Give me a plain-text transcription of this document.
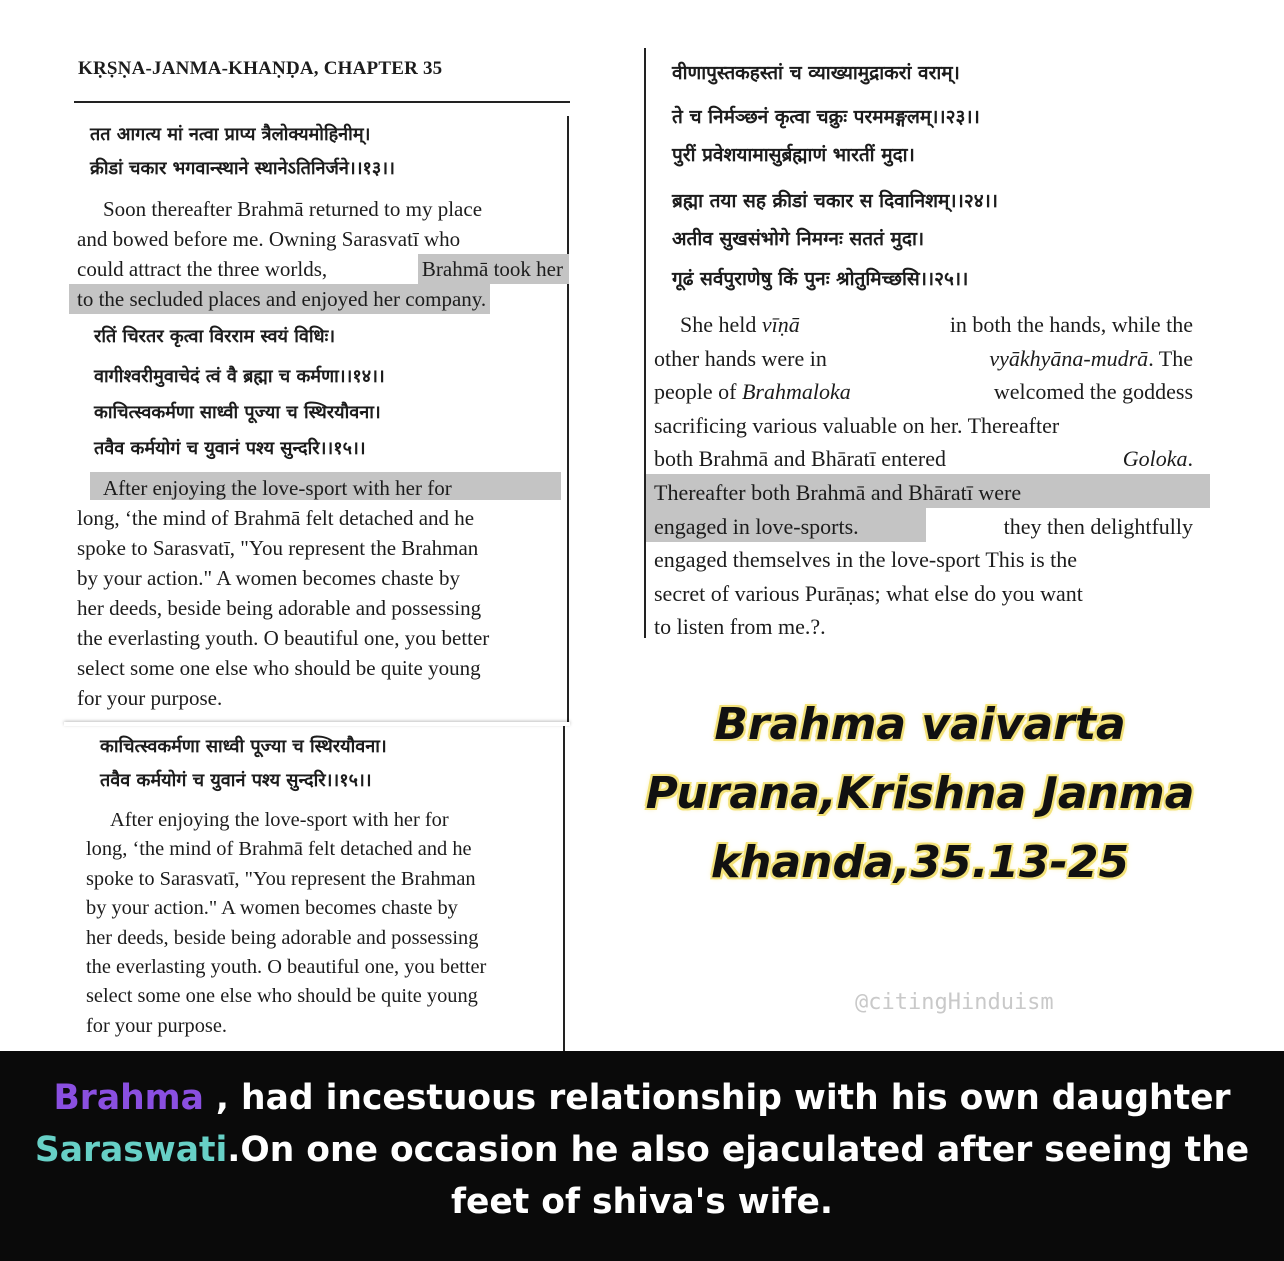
KṚṢṆA-JANMA-KHAṆḌA, CHAPTER 35
तत आगत्य मां नत्वा प्राप्य त्रैलोक्यमोहिनीम्।
क्रीडां चकार भगवान्स्थाने स्थानेऽतिनिर्जने।।१३।।
Soon thereafter Brahmā returned to my place
and bowed before me. Owning Sarasvatī who
could attract the three worlds,	Brahmā took her
to the secluded places and enjoyed her company.
रतिं चिरतर कृत्वा विरराम स्वयं विधिः।
वागीश्वरीमुवाचेदं त्वं वै ब्रह्मा च कर्मणा।।१४।।
काचित्स्वकर्मणा साध्वी पूज्या च स्थिरयौवना।
तवैव कर्मयोगं च युवानं पश्य सुन्दरि।।१५।।
After enjoying the love-sport with her for
long, ‘the mind of Brahmā felt detached and he
spoke to Sarasvatī, "You represent the Brahman
by your action." A women becomes chaste by
her deeds, beside being adorable and possessing
the everlasting youth. O beautiful one, you better
select some one else who should be quite young
for your purpose.
काचित्स्वकर्मणा साध्वी पूज्या च स्थिरयौवना।
तवैव कर्मयोगं च युवानं पश्य सुन्दरि।।१५।।
After enjoying the love-sport with her for
long, ‘the mind of Brahmā felt detached and he
spoke to Sarasvatī, "You represent the Brahman
by your action." A women becomes chaste by
her deeds, beside being adorable and possessing
the everlasting youth. O beautiful one, you better
select some one else who should be quite young
for your purpose.
वीणापुस्तकहस्तां च व्याख्यामुद्राकरां वराम्।
ते च निर्मञ्छनं कृत्वा चक्रुः परममङ्गलम्।।२३।।
पुरीं प्रवेशयामासुर्ब्रह्माणं भारतीं मुदा।
ब्रह्मा तया सह क्रीडां चकार स दिवानिशम्।।२४।।
अतीव सुखसंभोगे निमग्नः सततं मुदा।
गूढं सर्वपुराणेषु किं पुनः श्रोतुमिच्छसि।।२५।।
She held vīṇā	in both the hands, while the
other hands were in	vyākhyāna-mudrā. The
people of Brahmaloka	welcomed the goddess
sacrificing various valuable on her. Thereafter
both Brahmā and Bhāratī entered	Goloka.
Thereafter both Brahmā and Bhāratī were
engaged in love-sports.	they then delightfully
engaged themselves in the love-sport This is the
secret of various Purāṇas; what else do you want
to listen from me.?.
Brahma vaivarta
Purana,Krishna Janma
khanda,35.13-25
@citingHinduism
Brahma , had incestuous relationship with his own daughter
Saraswati.On one occasion he also ejaculated after seeing the
feet of shiva's wife.
